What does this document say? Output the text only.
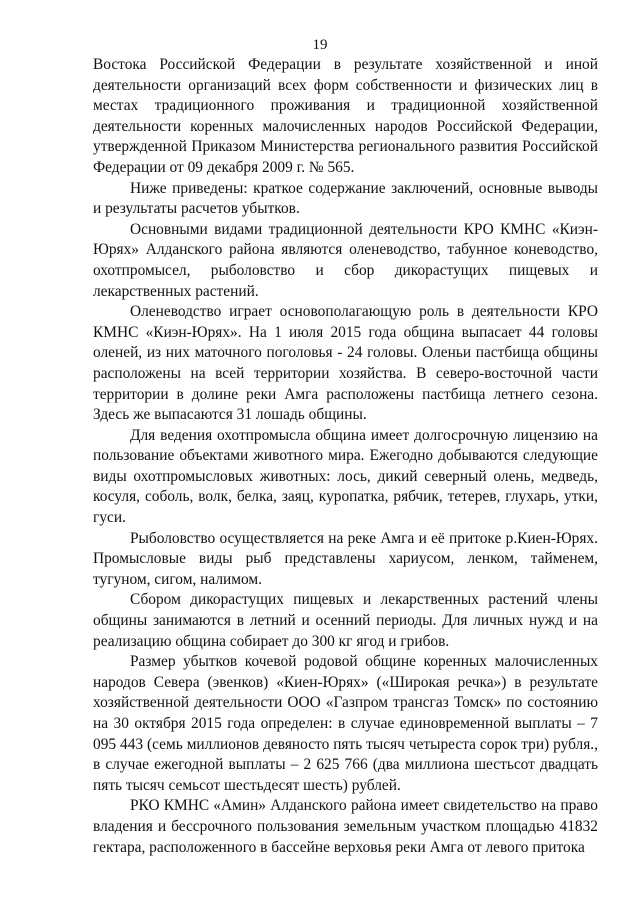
19

Востока Российской Федерации в результате хозяйственной и иной деятельности организаций всех форм собственности и физических лиц в местах традиционного проживания и традиционной хозяйственной деятельности коренных малочисленных народов Российской Федерации, утвержденной Приказом Министерства регионального развития Российской Федерации от 09 декабря 2009 г. № 565.

Ниже приведены: краткое содержание заключений, основные выводы и результаты расчетов убытков.

Основными видами традиционной деятельности КРО КМНС «Киэн-Юрях» Алданского района являются оленеводство, табунное коневодство, охотпромысел, рыболовство и сбор дикорастущих пищевых и лекарственных растений.

Оленеводство играет основополагающую роль в деятельности КРО КМНС «Киэн-Юрях». На 1 июля 2015 года община выпасает 44 головы оленей, из них маточного поголовья - 24 головы. Оленьи пастбища общины расположены на всей территории хозяйства. В северо-восточной части территории в долине реки Амга расположены пастбища летнего сезона. Здесь же выпасаются 31 лошадь общины.

Для ведения охотпромысла община имеет долгосрочную лицензию на пользование объектами животного мира. Ежегодно добываются следующие виды охотпромысловых животных: лось, дикий северный олень, медведь, косуля, соболь, волк, белка, заяц, куропатка, рябчик, тетерев, глухарь, утки, гуси.

Рыболовство осуществляется на реке Амга и её притоке р.Киен-Юрях. Промысловые виды рыб представлены хариусом, ленком, тайменем, тугуном, сигом, налимом.

Сбором дикорастущих пищевых и лекарственных растений члены общины занимаются в летний и осенний периоды. Для личных нужд и на реализацию община собирает до 300 кг ягод и грибов.

Размер убытков кочевой родовой общине коренных малочисленных народов Севера (эвенков) «Киен-Юрях» («Широкая речка») в результате хозяйственной деятельности ООО «Газпром трансгаз Томск» по состоянию на 30 октября 2015 года определен: в случае единовременной выплаты – 7 095 443 (семь миллионов девяносто пять тысяч четыреста сорок три) рубля., в случае ежегодной выплаты – 2 625 766 (два миллиона шестьсот двадцать пять тысяч семьсот шестьдесят шесть) рублей.

РКО КМНС «Амин» Алданского района имеет свидетельство на право владения и бессрочного пользования земельным участком площадью 41832 гектара, расположенного в бассейне верховья реки Амга от левого притока
